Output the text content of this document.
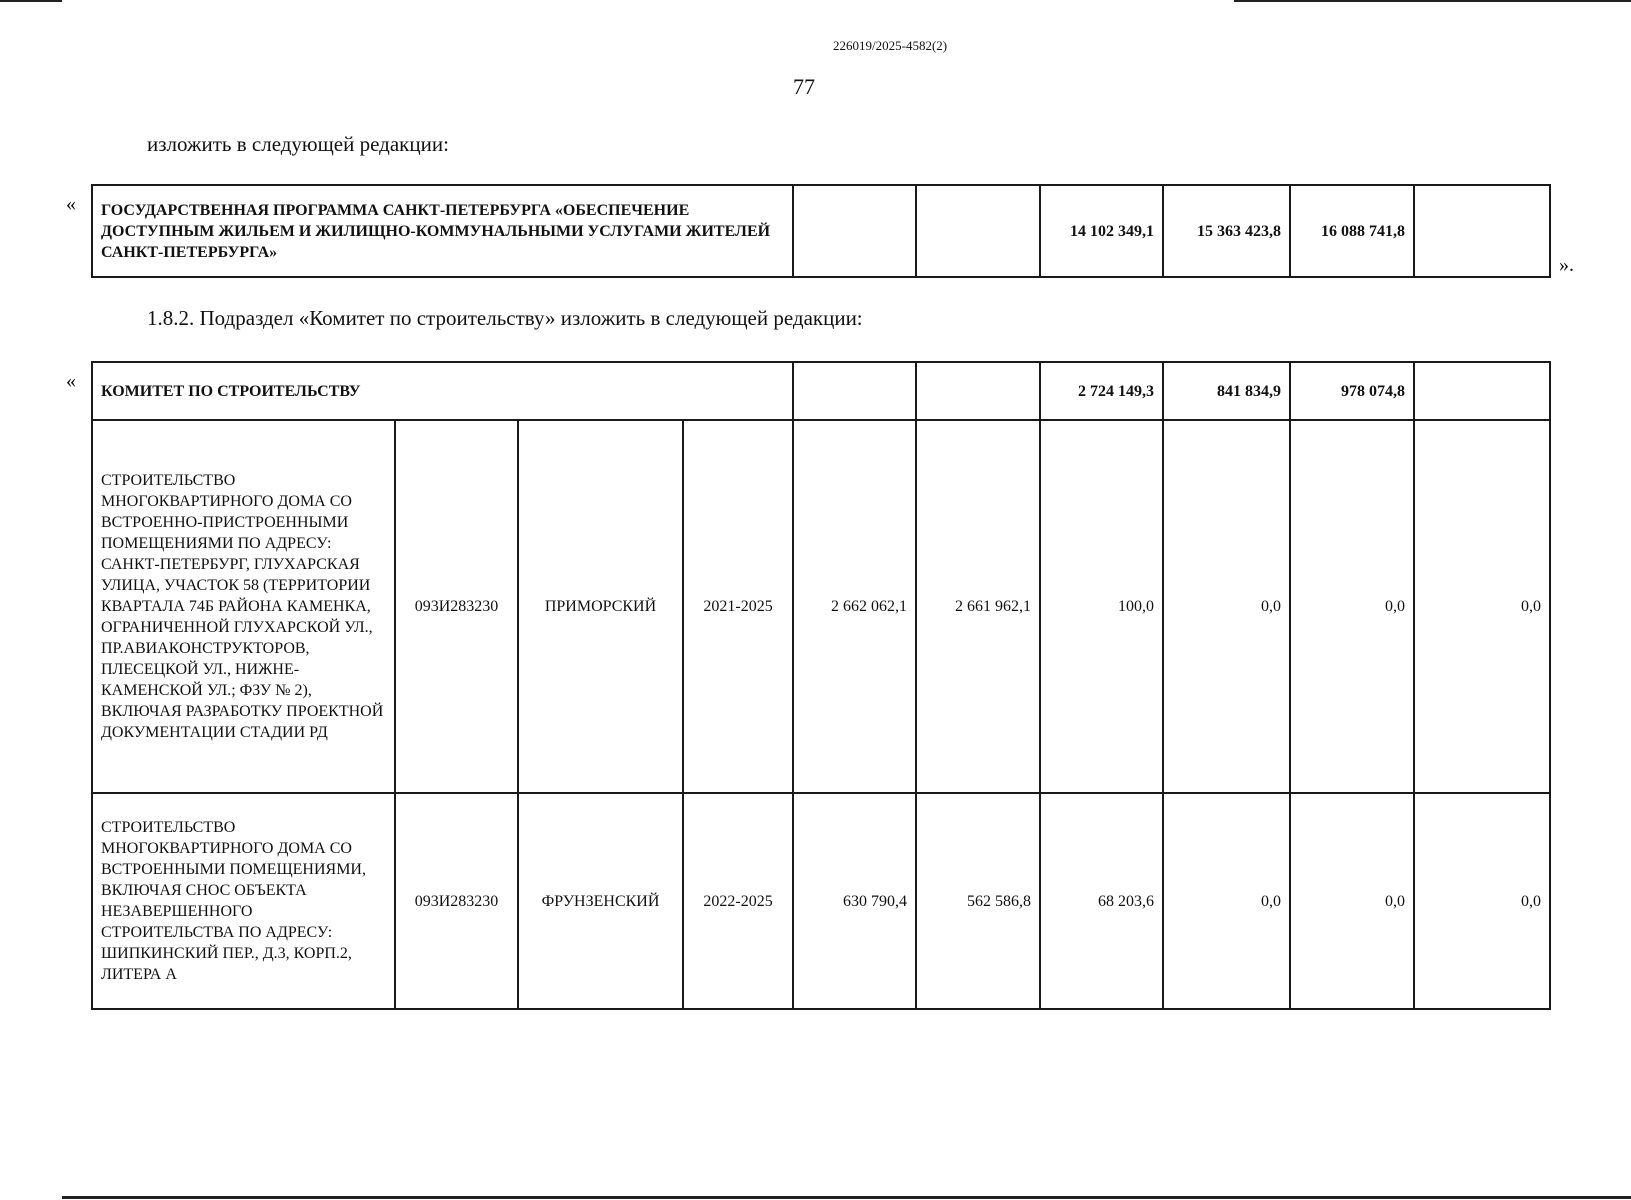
226019/2025-4582(2)
77
изложить в следующей редакции:
« ГОСУДАРСТВЕННАЯ ПРОГРАММА САНКТ-ПЕТЕРБУРГА «ОБЕСПЕЧЕНИЕ ДОСТУПНЫМ ЖИЛЬЕМ И ЖИЛИЩНО-КОММУНАЛЬНЫМИ УСЛУГАМИ ЖИТЕЛЕЙ САНКТ-ПЕТЕРБУРГА»			14 102 349,1	15 363 423,8	16 088 741,8	
».
1.8.2. Подраздел «Комитет по строительству» изложить в следующей редакции:
« КОМИТЕТ ПО СТРОИТЕЛЬСТВУ						2 724 149,3	841 834,9	978 074,8	
СТРОИТЕЛЬСТВО МНОГОКВАРТИРНОГО ДОМА СО ВСТРОЕННО-ПРИСТРОЕННЫМИ ПОМЕЩЕНИЯМИ ПО АДРЕСУ: САНКТ-ПЕТЕРБУРГ, ГЛУХАРСКАЯ УЛИЦА, УЧАСТОК 58 (ТЕРРИТОРИИ КВАРТАЛА 74Б РАЙОНА КАМЕНКА, ОГРАНИЧЕННОЙ ГЛУХАРСКОЙ УЛ., ПР.АВИАКОНСТРУКТОРОВ, ПЛЕСЕЦКОЙ УЛ., НИЖНЕ-КАМЕНСКОЙ УЛ.; ФЗУ № 2), ВКЛЮЧАЯ РАЗРАБОТКУ ПРОЕКТНОЙ ДОКУМЕНТАЦИИ СТАДИИ РД	093И283230	ПРИМОРСКИЙ	2021-2025	2 662 062,1	2 661 962,1	100,0	0,0	0,0	0,0
СТРОИТЕЛЬСТВО МНОГОКВАРТИРНОГО ДОМА СО ВСТРОЕННЫМИ ПОМЕЩЕНИЯМИ, ВКЛЮЧАЯ СНОС ОБЪЕКТА НЕЗАВЕРШЕННОГО СТРОИТЕЛЬСТВА ПО АДРЕСУ: ШИПКИНСКИЙ ПЕР., Д.3, КОРП.2, ЛИТЕРА А	093И283230	ФРУНЗЕНСКИЙ	2022-2025	630 790,4	562 586,8	68 203,6	0,0	0,0	0,0
